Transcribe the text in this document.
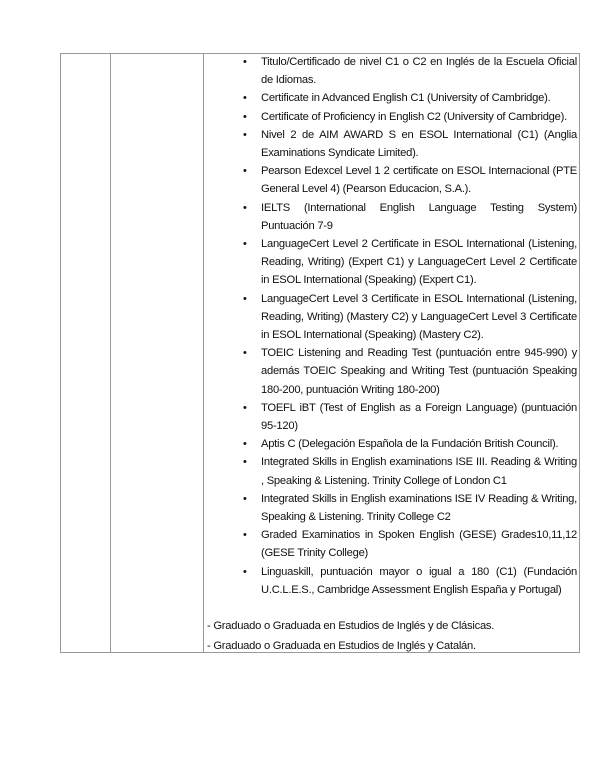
• Titulo/Certificado de nivel C1 o C2 en Inglés de la Escuela Oficial de Idiomas.
• Certificate in Advanced English C1 (University of Cambridge).
• Certificate of Proficiency in English C2 (University of Cambridge).
• Nivel 2 de AIM AWARD S en ESOL International (C1) (Anglia Examinations Syndicate Limited).
• Pearson Edexcel Level 1 2 certificate on ESOL Internacional (PTE General Level 4) (Pearson Educacion, S.A.).
• IELTS (International English Language Testing System) Puntuación 7-9
• LanguageCert Level 2 Certificate in ESOL International (Listening, Reading, Writing) (Expert C1) y LanguageCert Level 2 Certificate in ESOL International (Speaking) (Expert C1).
• LanguageCert Level 3 Certificate in ESOL International (Listening, Reading, Writing) (Mastery C2) y LanguageCert Level 3 Certificate in ESOL International (Speaking) (Mastery C2).
• TOEIC Listening and Reading Test (puntuación entre 945-990) y además TOEIC Speaking and Writing Test (puntuación Speaking 180-200, puntuación Writing 180-200)
• TOEFL iBT (Test of English as a Foreign Language) (puntuación 95-120)
• Aptis C (Delegación Española de la Fundación British Council).
• Integrated Skills in English examinations ISE III. Reading & Writing , Speaking & Listening. Trinity College of London C1
• Integrated Skills in English examinations ISE IV Reading & Writing, Speaking & Listening. Trinity College C2
• Graded Examinatios in Spoken English (GESE) Grades10,11,12 (GESE Trinity College)
• Linguaskill, puntuación mayor o igual a 180 (C1) (Fundación U.C.L.E.S., Cambridge Assessment English España y Portugal)
- Graduado o Graduada en Estudios de Inglés y de Clásicas.
- Graduado o Graduada en Estudios de Inglés y Catalán.
